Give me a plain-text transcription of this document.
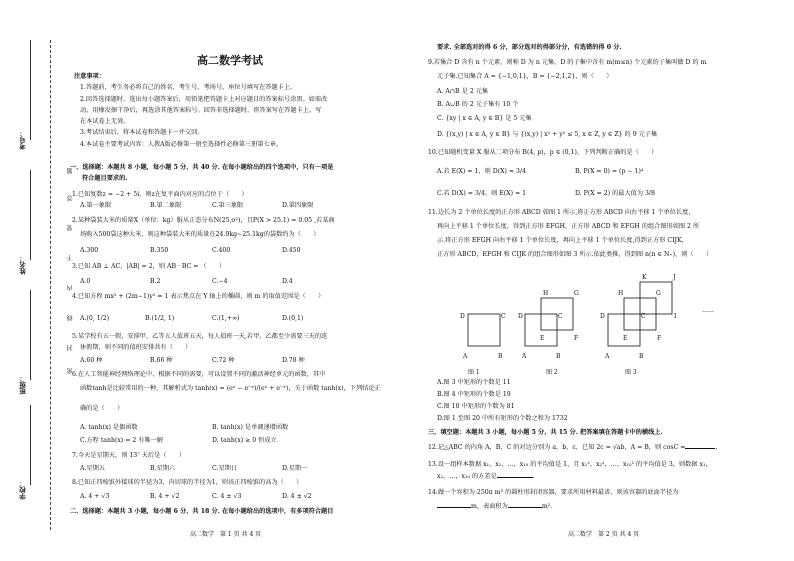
考号：
姓名：
班级：
学校：
题
答
要
不
内
线
封
密
高二数学考试
注意事项：
1.答题前，考生务必将自己的姓名、考生号、考场号、座位号填写在答题卡上。
2.回答选择题时，选出每小题答案后，用铅笔把答题卡上对应题目的答案标号涂黑。如需改
动，用橡皮擦干净后，再选涂其他答案标号。回答非选择题时，将答案写在答题卡上。写
在本试卷上无效。
3.考试结束后，将本试卷和答题卡一并交回。
4.本试卷主要考试内容：人教A版必修第一册至选择性必修第三册第七章。
一、选择题：本题共 8 小题，每小题 5 分，共 40 分. 在每小题给出的四个选项中，只有一项是
符合题目要求的.
1.已知复数z = −2 + 5i，则z在复平面内对应的点位于（　　）
A.第一象限	B.第二象限	C.第三象限	D.第四象限
2.某种袋装大米的质量X（单位：kg）服从正态分布N(25,σ²)，且P(X > 25.1) = 0.05 ,若某商
场购入500袋这种大米，则这种袋装大米的质量在24.9kg~25.1kg的袋数约为（　　）
A.300	B.350	C.400	D.450
3.已知 AB ⊥ AC，|AB| = 2，则 AB · BC = （　　）
A.0	B.2	C.−4	D.4
4.已知方程 mx² + (2m−1)y² = 1 表示焦点在 Y 轴上的椭圆，则 m 的取值范围是（　　）
A.(0, 1/2)	B.(1/2, 1)	C.(1,+∞)	D.(0,1)
5.某学校有五一假，安排甲、乙等五人值班五天，每人值班一天,若甲、乙都至少需要三天的连
休假期，则不同的值班安排共有（　　）
A.60 种	B.66 种	C.72 种	D.78 种
6.在人工智能神经网络理论中，根据不同的需要，可以设置不同的激活神经单元的函数，其中
函数tanh是比较常用的一种，其解析式为 tanh(x) = (eˣ − e⁻ˣ)/(eˣ + e⁻ˣ)，关于函数 tanh(x)，下列结论正
确的是（　　）
A. tanh(x) 是偶函数	B. tanh(x) 是单调递增函数
C.方程 tanh(x) = 2 有唯一解	D. tanh(x) ≥ 0 恒成立
7.今天是星期天，则 13⁷ 天后是（　　）
A.星期五	B.星期六	C.星期日	D.星期一
8.已知正四棱锥外接球的半径为3，内切球的半径为1，则该正四棱锥的高为（　　）
A. 4 + √3	B. 4 + √2	C. 4 ± √3	D. 4 ± √2
二、选择题：本题共 3 小题，每小题 6 分，共 18 分. 在每小题给出的选项中，有多项符合题目
高二数学　第 1 页 共 4 页
要求. 全部选对的得 6 分，部分选对的得部分分，有选错的得 0 分.
9.若集合 D 含有 n 个元素，则称 D 为 n 元集，D 的子集中含有 m(m≤n) 个元素的子集叫做 D 的 m
元子集.已知集合 A = {−1,0,1}，B = {−2,1,2}，则（　　）
A. A∩B 是 2 元集
B. A∪B 的 2 元子集有 10 个
C. {xy | x ∈ A, y ∈ B} 是 5 元集
D. {(x,y) | x ∈ A, y ∈ B} 与 {(x,y) | x² + y² ≤ 5, x ∈ Z, y ∈ Z} 的 9 元子集
10.已知随机变量 X 服从二项分布 B(4, p)，p ∈ (0,1)，下列判断正确的是（　　）
A.若 E(X) = 1，则 D(X) = 3/4	B. P(X = 0) = (p − 1)⁴
C.若 D(X) = 3/4，则 E(X) = 1	D. P(X = 2) 的最大值为 3/8
11.边长为 2 个单位长度的正方形 ABCD 如图 1 所示,将正方形 ABCD 向右平移 1 个单位长度，
再向上平移 1 个单位长度，得到正方形 EFGH，正方形 ABCD 和 EFGH 的组合图形如图 2 所
示.将正方形 EFGH 向右平移 1 个单位长度，再向上平移 1 个单位长度,得到正方形 CIJK，
正方形 ABCD，EFGH 和 CIJK 的组合图形如图 3 所示.依此类推，得到图 n(n ∈ N₊)，则（　　）
D	C
A	B
H	G
D	C
E	F
A	B
K	J
H	G
D	C	I
E	F
A	B
图 1	图 2	图 3
……
A.图 3 中矩形的个数是 11
B.图 4 中矩形的个数是 19
C.图 10 中矩形的个数为 81
D.图 1 至图 20 中所有矩形的个数之和为 1732
三、填空题：本题共 3 小题，每小题 5 分，共 15 分. 把答案填在答题卡中的横线上.
12.记△ABC 的内角 A，B，C 的对边分别为 a，b，c，已知 2c = √ab，A = B，则 cosC =	.
13.设一组样本数据 x₁，x₂，…，x₁₀ 的平均值是 1，且 x₁²，x₂²，…，x₁₀² 的平均值是 3，则数据 x₁，
x₂，…，x₁₀ 的方差是	.
14.做一个容积为 250π m³ 的圆柱形封闭容器，要求所用材料最省，则该容器的底面半径为
m，表面积为	m².
高二数学　第 2 页 共 4 页
